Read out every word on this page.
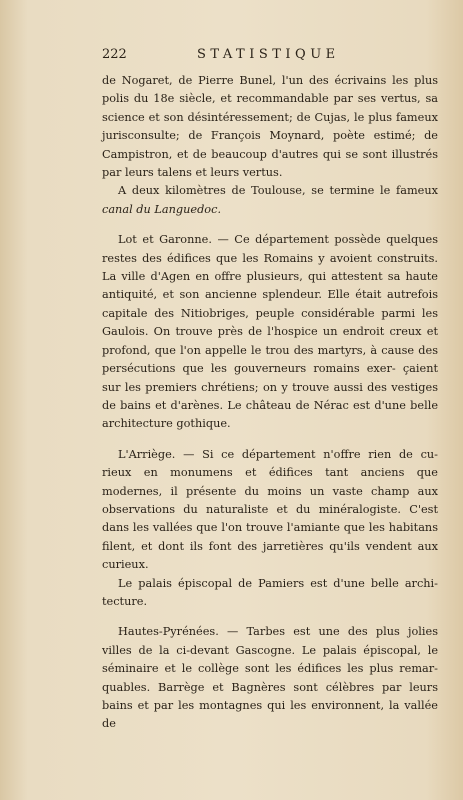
222	STATISTIQUE

de Nogaret, de Pierre Bunel, l'un des écrivains les plus polis du 18e siècle, et recommandable par ses vertus, sa science et son désintéressement; de Cujas, le plus fameux jurisconsulte; de François Moynard, poète estimé; de Campistron, et de beaucoup d'autres qui se sont illustrés par leurs talens et leurs vertus.

A deux kilomètres de Toulouse, se termine le fameux canal du Languedoc.

Lot et Garonne. — Ce département possède quelques restes des édifices que les Romains y avoient construits. La ville d'Agen en offre plusieurs, qui attestent sa haute antiquité, et son ancienne splendeur. Elle était autrefois capitale des Nitiobriges, peuple considérable parmi les Gaulois. On trouve près de l'hospice un endroit creux et profond, que l'on appelle le trou des martyrs, à cause des persécutions que les gouverneurs romains exer- çaient sur les premiers chrétiens; on y trouve aussi des vestiges de bains et d'arènes. Le château de Nérac est d'une belle architecture gothique.

L'Arriège. — Si ce département n'offre rien de cu- rieux en monumens et édifices tant anciens que modernes, il présente du moins un vaste champ aux observations du naturaliste et du minéralogiste. C'est dans les vallées que l'on trouve l'amiante que les habitans filent, et dont ils font des jarretières qu'ils vendent aux curieux.

Le palais épiscopal de Pamiers est d'une belle archi- tecture.

Hautes-Pyrénées. — Tarbes est une des plus jolies villes de la ci-devant Gascogne. Le palais épiscopal, le séminaire et le collège sont les édifices les plus remar- quables. Barrège et Bagnères sont célèbres par leurs bains et par les montagnes qui les environnent, la vallée de
